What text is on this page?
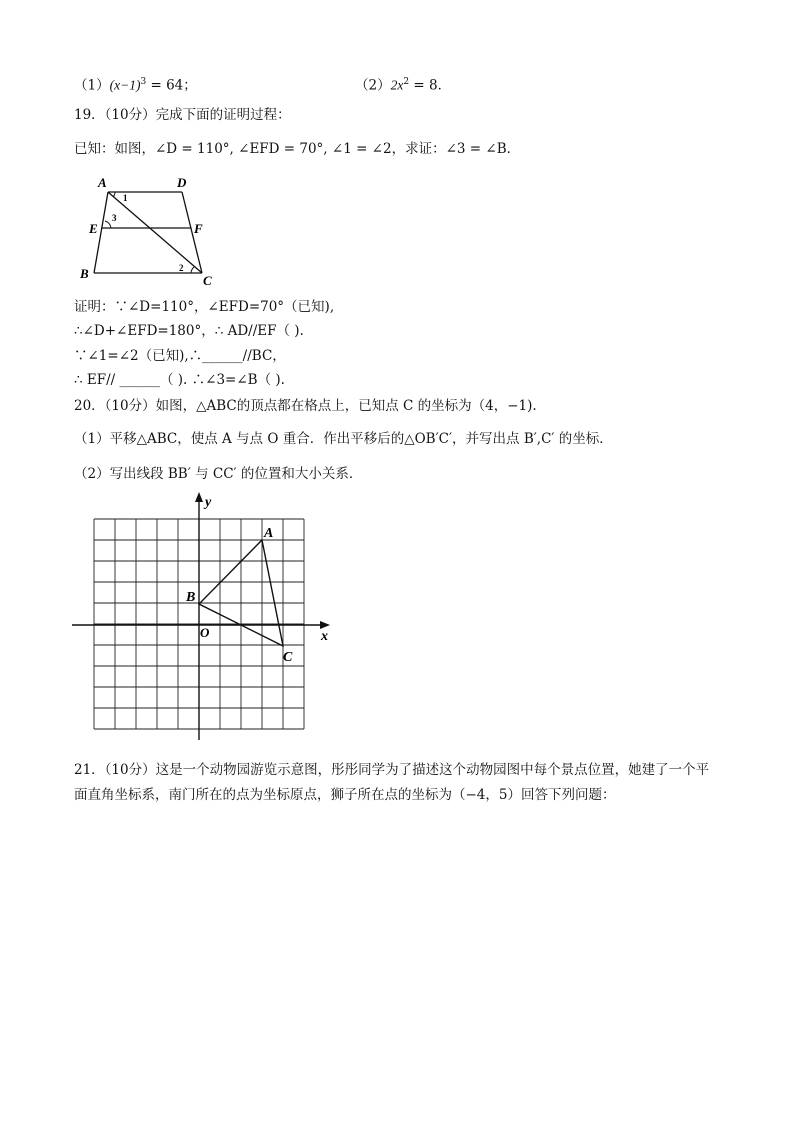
$(1)(x-1)^3 = 64$；	$(2)2x^2 = 8$．
19．（10分）完成下面的证明过程：
已知：如图，∠D = 110°, ∠EFD = 70°, ∠1 = ∠2，求证：∠3 = ∠B．
A	D
E	F
B	C
1
3
2
证明：∵∠D=110°，∠EFD=70°（已知),
∴∠D+∠EFD=180°，∴ AD//EF（ ).
∵∠1=∠2（已知),∴______//BC，
∴ EF// ______（ ). ∴∠3=∠B（ ).
20．（10分）如图，△ABC的顶点都在格点上，已知点 C 的坐标为（4，−1).
（1）平移△ABC，使点 A 与点 O 重合．作出平移后的△OB′C′，并写出点 B′,C′ 的坐标．
（2）写出线段 BB′ 与 CC′ 的位置和大小关系．
y
x
O
A
B
C
21．（10分）这是一个动物园游览示意图，彤彤同学为了描述这个动物园图中每个景点位置，她建了一个平
面直角坐标系，南门所在的点为坐标原点，狮子所在点的坐标为（−4，5）回答下列问题：
